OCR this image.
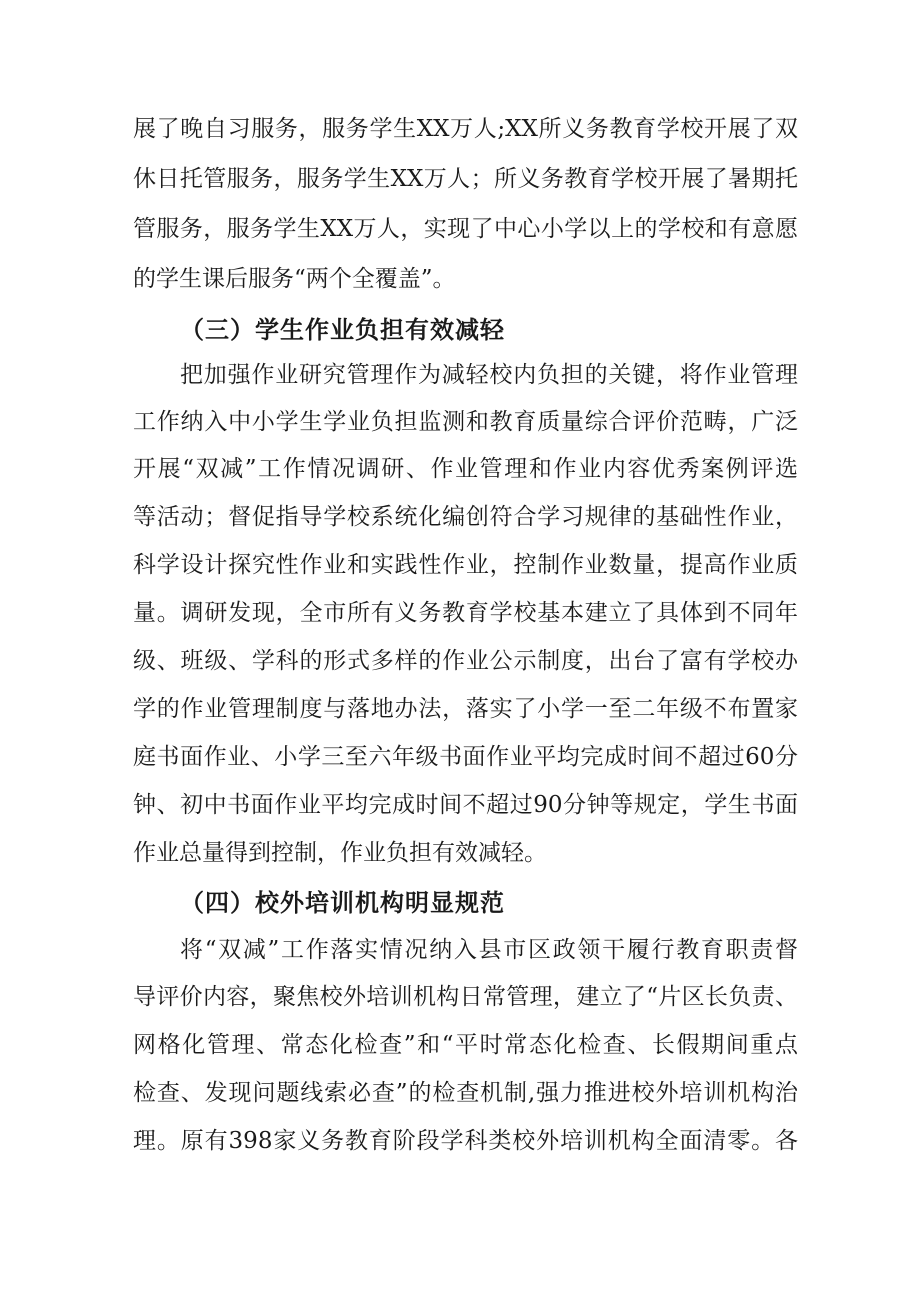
展了晚自习服务，服务学生XX万人;XX所义务教育学校开展了双
休日托管服务，服务学生XX万人；所义务教育学校开展了暑期托
管服务，服务学生XX万人，实现了中心小学以上的学校和有意愿
的学生课后服务“两个全覆盖”。
（三）学生作业负担有效减轻
把加强作业研究管理作为减轻校内负担的关键，将作业管理
工作纳入中小学生学业负担监测和教育质量综合评价范畴，广泛
开展“双减”工作情况调研、作业管理和作业内容优秀案例评选
等活动；督促指导学校系统化编创符合学习规律的基础性作业，
科学设计探究性作业和实践性作业，控制作业数量，提高作业质
量。调研发现，全市所有义务教育学校基本建立了具体到不同年
级、班级、学科的形式多样的作业公示制度，出台了富有学校办
学的作业管理制度与落地办法，落实了小学一至二年级不布置家
庭书面作业、小学三至六年级书面作业平均完成时间不超过60分
钟、初中书面作业平均完成时间不超过90分钟等规定，学生书面
作业总量得到控制，作业负担有效减轻。
（四）校外培训机构明显规范
将“双减”工作落实情况纳入县市区政领干履行教育职责督
导评价内容，聚焦校外培训机构日常管理，建立了“片区长负责、
网格化管理、常态化检查”和“平时常态化检查、长假期间重点
检查、发现问题线索必查”的检查机制,强力推进校外培训机构治
理。原有398家义务教育阶段学科类校外培训机构全面清零。各
